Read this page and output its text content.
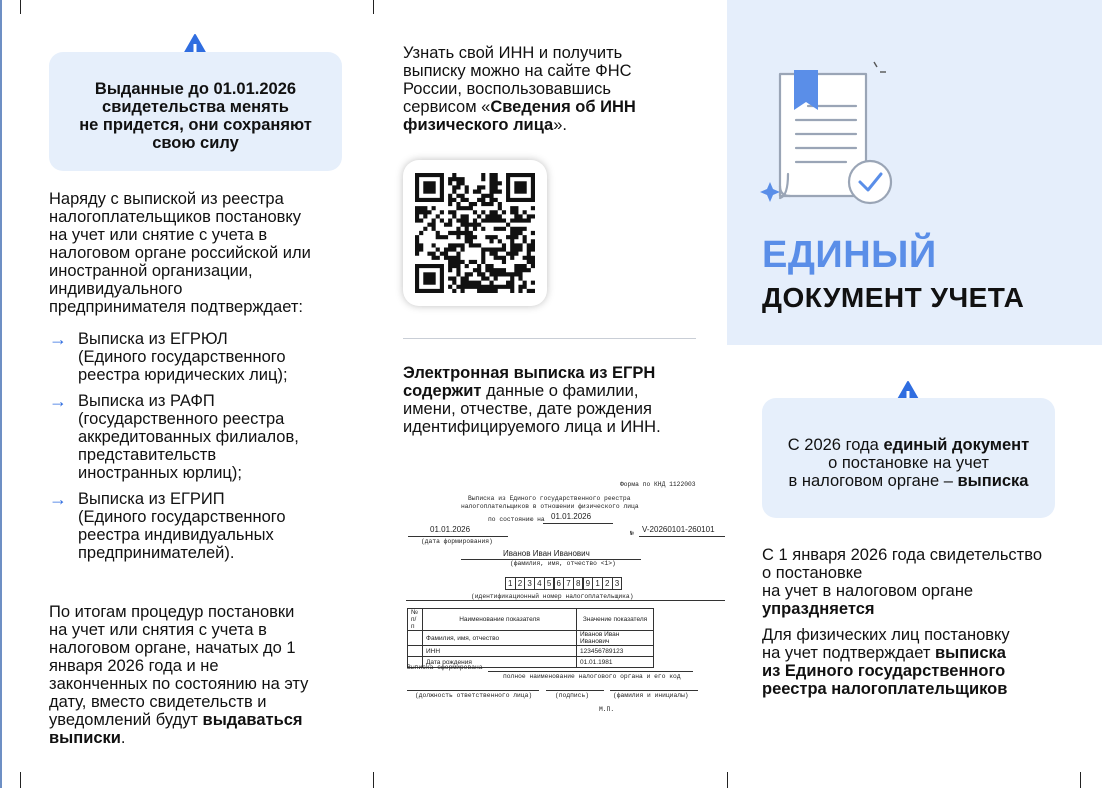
Выданные до 01.01.2026
свидетельства менять
не придется, они сохраняют
свою силу
Наряду с выпиской из реестра
налогоплательщиков постановку
на учет или снятие с учета в
налоговом органе российской или
иностранной организации,
индивидуального
предпринимателя подтверждает:
→ Выписка из ЕГРЮЛ
(Единого государственного
реестра юридических лиц);
→ Выписка из РАФП
(государственного реестра
аккредитованных филиалов,
представительств
иностранных юрлиц);
→ Выписка из ЕГРИП
(Единого государственного
реестра индивидуальных
предпринимателей).
По итогам процедур постановки
на учет или снятия с учета в
налоговом органе, начатых до 1
января 2026 года и не
законченных по состоянию на эту
дату, вместо свидетельств и
уведомлений будут выдаваться
выписки.
Узнать свой ИНН и получить
выписку можно на сайте ФНС
России, воспользовавшись
сервисом «Сведения об ИНН
физического лица».
Электронная выписка из ЕГРН
содержит данные о фамилии,
имени, отчестве, дате рождения
идентифицируемого лица и ИНН.
Форма по КНД 1122003
Выписка из Единого государственного реестра
налогоплательщиков в отношении физического лица
по состоянию на 01.01.2026
01.01.2026
(дата формирования)
№ V-20260101-260101
Иванов Иван Иванович
(фамилия, имя, отчество <1>)
1 2 3 4 5 6 7 8 9 1 2 3
(идентификационный номер налогоплательщика)
№ п/п	Наименование показателя	Значение показателя
	Фамилия, имя, отчество	Иванов Иван Иванович
	ИНН	123456789123
	Дата рождения	01.01.1981
Выписка сформирована
полное наименование налогового органа и его код
(должность ответственного лица)	(подпись)	(фамилия и инициалы)
М.П.
ЕДИНЫЙ
ДОКУМЕНТ УЧЕТА
С 2026 года единый документ
о постановке на учет
в налоговом органе – выписка
С 1 января 2026 года свидетельство
о постановке
на учет в налоговом органе
упраздняется
Для физических лиц постановку
на учет подтверждает выписка
из Единого государственного
реестра налогоплательщиков
